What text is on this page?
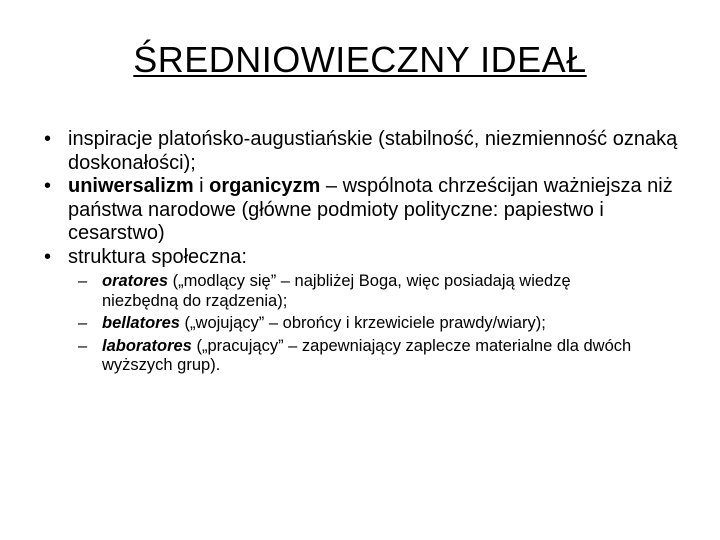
ŚREDNIOWIECZNY IDEAŁ
• inspiracje platońsko-augustiańskie (stabilność, niezmienność oznaką doskonałości);
• uniwersalizm i organicyzm – wspólnota chrześcijan ważniejsza niż państwa narodowe (główne podmioty polityczne: papiestwo i cesarstwo)
• struktura społeczna:
– oratores („modlący się” – najbliżej Boga, więc posiadają wiedzę niezbędną do rządzenia);
– bellatores („wojujący” – obrońcy i krzewiciele prawdy/wiary);
– laboratores („pracujący” – zapewniający zaplecze materialne dla dwóch wyższych grup).
